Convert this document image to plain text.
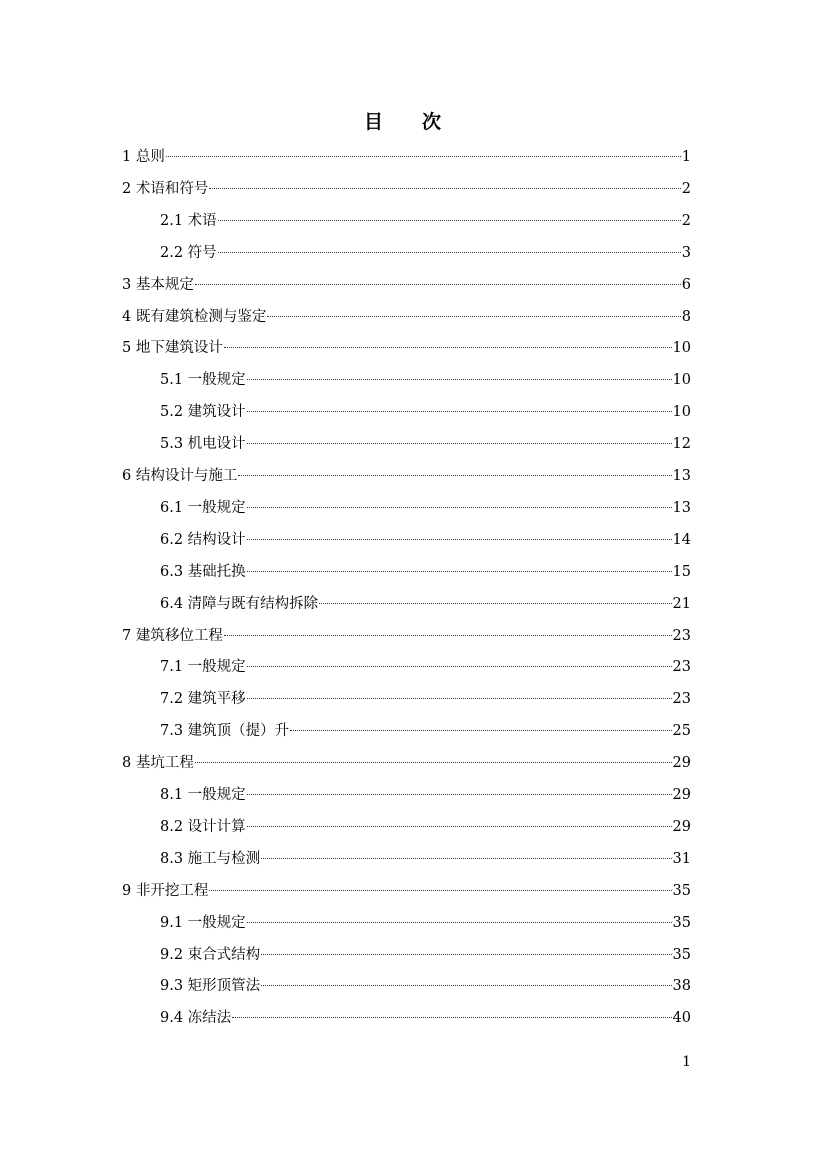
目　次
1 总则	1
2 术语和符号	2
2.1 术语	2
2.2 符号	3
3 基本规定	6
4 既有建筑检测与鉴定	8
5 地下建筑设计	10
5.1 一般规定	10
5.2 建筑设计	10
5.3 机电设计	12
6 结构设计与施工	13
6.1 一般规定	13
6.2 结构设计	14
6.3 基础托换	15
6.4 清障与既有结构拆除	21
7 建筑移位工程	23
7.1 一般规定	23
7.2 建筑平移	23
7.3 建筑顶（提）升	25
8 基坑工程	29
8.1 一般规定	29
8.2 设计计算	29
8.3 施工与检测	31
9 非开挖工程	35
9.1 一般规定	35
9.2 束合式结构	35
9.3 矩形顶管法	38
9.4 冻结法	40
1
